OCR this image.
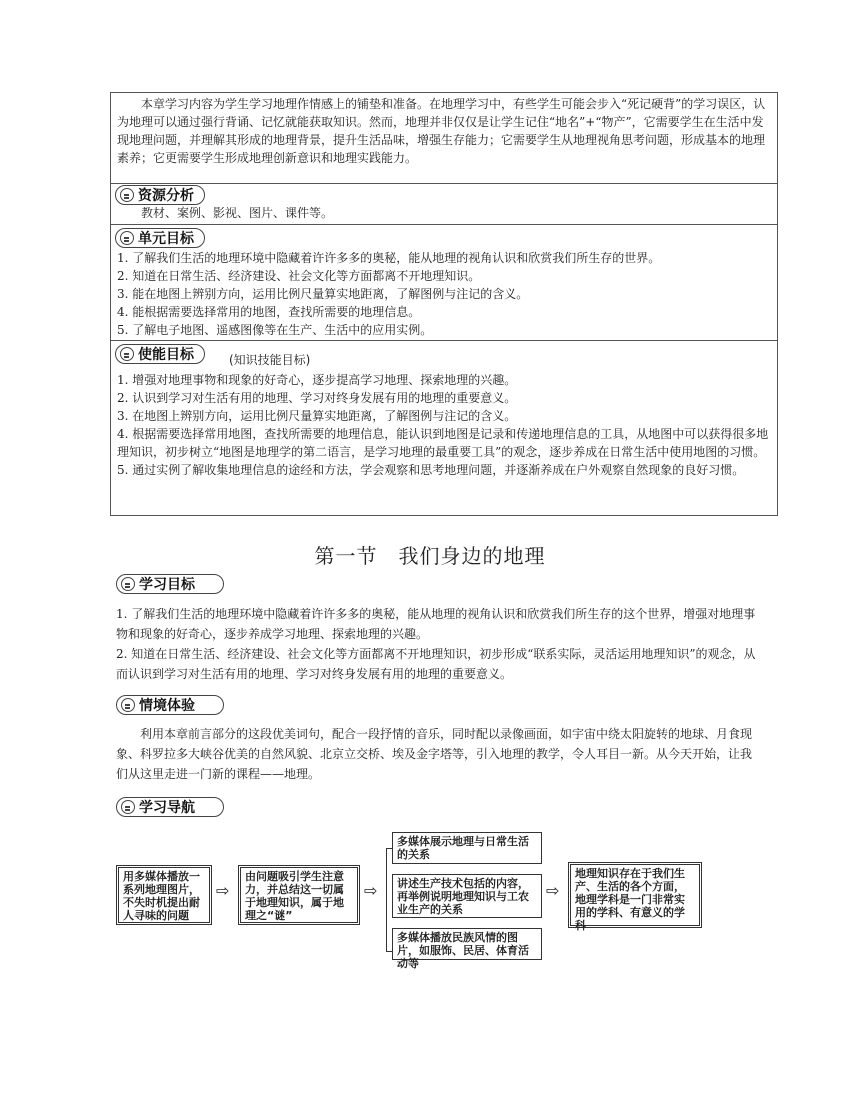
本章学习内容为学生学习地理作情感上的铺垫和准备。在地理学习中，有些学生可能会步入“死记硬背”的学习误区，认为地理可以通过强行背诵、记忆就能获取知识。然而，地理并非仅仅是让学生记住“地名”+“物产”，它需要学生在生活中发现地理问题，并理解其形成的地理背景，提升生活品味，增强生存能力；它需要学生从地理视角思考问题，形成基本的地理素养；它更需要学生形成地理创新意识和地理实践能力。
资源分析
教材、案例、影视、图片、课件等。
单元目标
1. 了解我们生活的地理环境中隐藏着许许多多的奥秘，能从地理的视角认识和欣赏我们所生存的世界。
2. 知道在日常生活、经济建设、社会文化等方面都离不开地理知识。
3. 能在地图上辨别方向，运用比例尺量算实地距离，了解图例与注记的含义。
4. 能根据需要选择常用的地图，查找所需要的地理信息。
5. 了解电子地图、遥感图像等在生产、生活中的应用实例。
使能目标	(知识技能目标)
1. 增强对地理事物和现象的好奇心，逐步提高学习地理、探索地理的兴趣。
2. 认识到学习对生活有用的地理、学习对终身发展有用的地理的重要意义。
3. 在地图上辨别方向，运用比例尺量算实地距离，了解图例与注记的含义。
4. 根据需要选择常用地图，查找所需要的地理信息，能认识到地图是记录和传递地理信息的工具，从地图中可以获得很多地理知识，初步树立“地图是地理学的第二语言，是学习地理的最重要工具”的观念，逐步养成在日常生活中使用地图的习惯。
5. 通过实例了解收集地理信息的途经和方法，学会观察和思考地理问题，并逐渐养成在户外观察自然现象的良好习惯。
第一节　我们身边的地理
学习目标
1. 了解我们生活的地理环境中隐藏着许许多多的奥秘，能从地理的视角认识和欣赏我们所生存的这个世界，增强对地理事物和现象的好奇心，逐步养成学习地理、探索地理的兴趣。
2. 知道在日常生活、经济建设、社会文化等方面都离不开地理知识，初步形成“联系实际，灵活运用地理知识”的观念，从而认识到学习对生活有用的地理、学习对终身发展有用的地理的重要意义。
情境体验
利用本章前言部分的这段优美词句，配合一段抒情的音乐，同时配以录像画面，如宇宙中绕太阳旋转的地球、月食现象、科罗拉多大峡谷优美的自然风貌、北京立交桥、埃及金字塔等，引入地理的教学，令人耳目一新。从今天开始，让我们从这里走进一门新的课程——地理。
学习导航
用多媒体播放一系列地理图片，不失时机提出耐人寻味的问题
⇨
由问题吸引学生注意力，并总结这一切属于地理知识，属于地理之“谜”
⇨
多媒体展示地理与日常生活的关系
讲述生产技术包括的内容，再举例说明地理知识与工农业生产的关系
多媒体播放民族风情的图片，如服饰、民居、体育活动等
⇨
地理知识存在于我们生产、生活的各个方面，地理学科是一门非常实用的学科、有意义的学科
